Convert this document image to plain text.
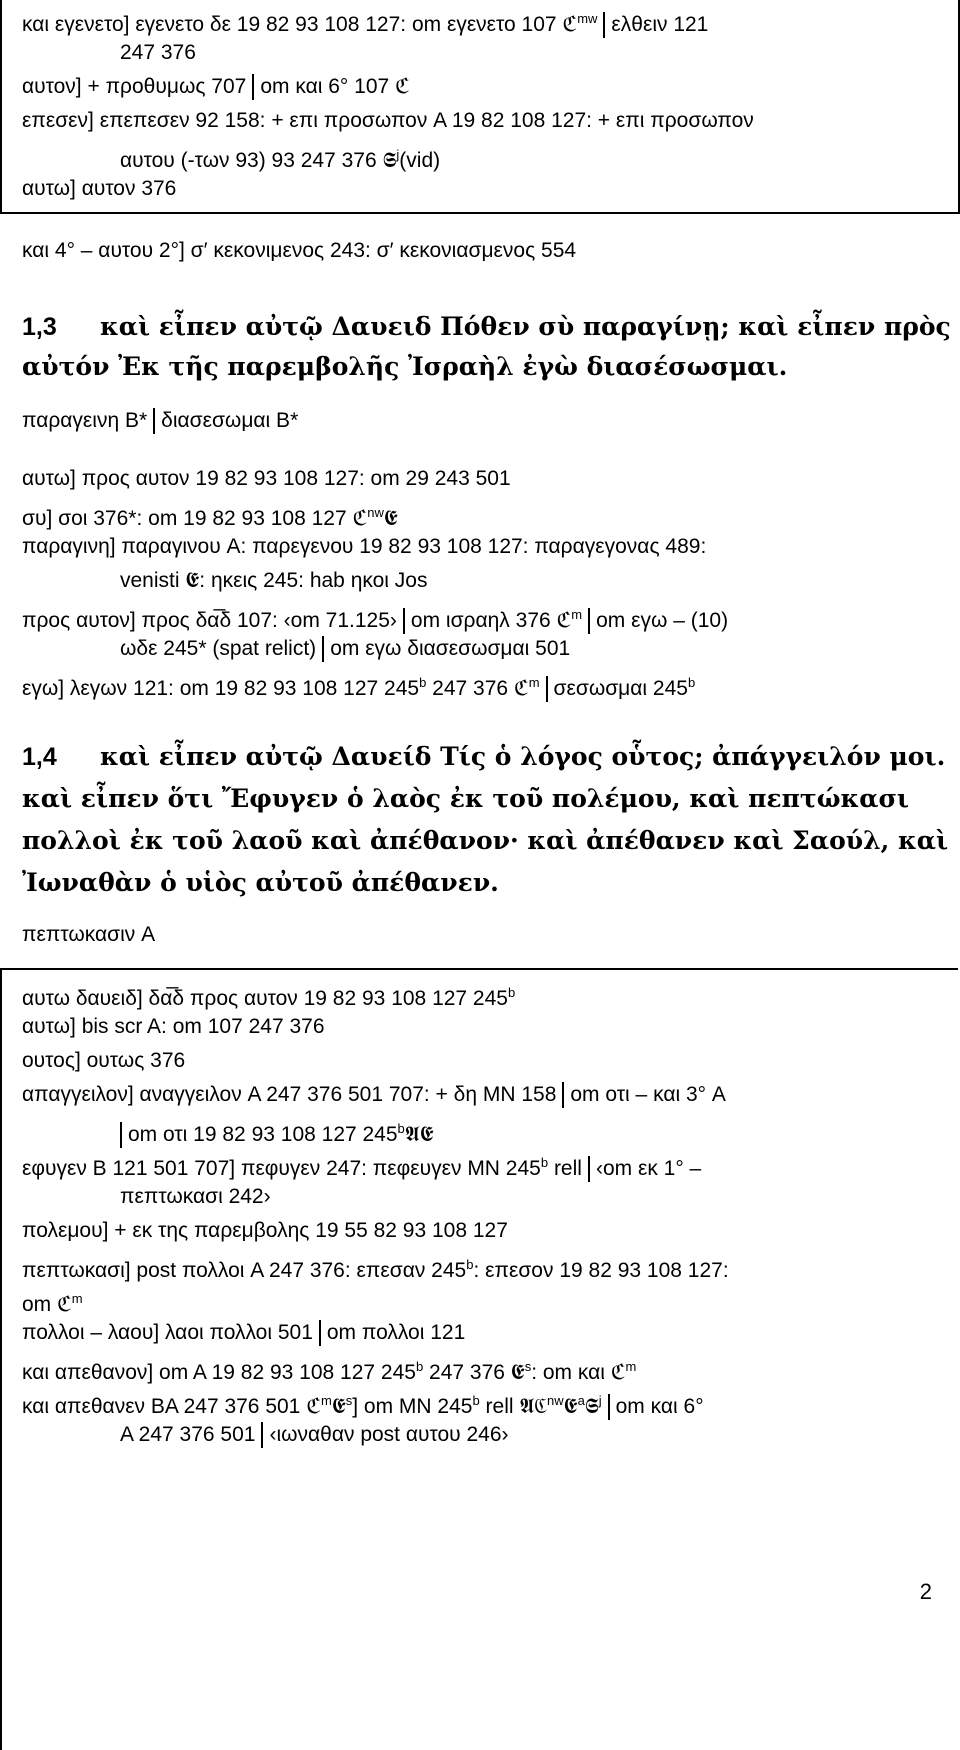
και εγενετο] εγενετο δε 19 82 93 108 127: om εγενετο 107 ℭ$^{mw}$ ελθειν 121
247 376
αυτον] + προθυμως 707 om και 6° 107 ℭ
επεσεν] επεπεσεν 92 158: + επι προσωπον A 19 82 108 127: + επι προσωπον
αυτου (-των 93) 93 247 376 𝕾$^j$(vid)
αυτω] αυτον 376
και 4° – αυτου 2°] σ′ κεκονιμενος 243: σ′ κεκονιασμενος 554
1,3 καὶ εἶπεν αὐτῷ Δαυειδ Πόθεν σὺ παραγίνῃ; καὶ εἶπεν πρὸς
αὐτόν Ἐκ τῆς παρεμβολῆς Ἰσραὴλ ἐγὼ διασέσωσμαι.
παραγεινη B* διασεσωμαι B*
αυτω] προς αυτον 19 82 93 108 127: om 29 243 501
συ] σοι 376*: om 19 82 93 108 127 ℭ$^{nw}$𝕰
παραγινη] παραγινου A: παρεγενου 19 82 93 108 127: παραγεγονας 489:
venisti 𝕰: ηκεις 245: hab ηκοι Jos
προς αυτον] προς δα̅δ 107: ‹om 71.125› om ισραηλ 376 ℭ$^m$ om εγω – (10)
ωδε 245* (spat relict) om εγω διασεσωσμαι 501
εγω] λεγων 121: om 19 82 93 108 127 245$^b$ 247 376 ℭ$^m$ σεσωσμαι 245$^b$
1,4 καὶ εἶπεν αὐτῷ Δαυείδ Τίς ὁ λόγος οὗτος; ἀπάγγειλόν μοι.
καὶ εἶπεν ὅτι Ἔφυγεν ὁ λαὸς ἐκ τοῦ πολέμου, καὶ πεπτώκασι
πολλοὶ ἐκ τοῦ λαοῦ καὶ ἀπέθανον· καὶ ἀπέθανεν καὶ Σαούλ, καὶ
Ἰωναθὰν ὁ υἱὸς αὐτοῦ ἀπέθανεν.
πεπτωκασιν A
αυτω δαυειδ] δα̅δ προς αυτον 19 82 93 108 127 245$^b$
αυτω] bis scr A: om 107 247 376
ουτος] ουτως 376
απαγγειλον] αναγγειλον A 247 376 501 707: + δη MN 158 om οτι – και 3° A
om οτι 19 82 93 108 127 245$^b$𝕬𝕰
εφυγεν B 121 501 707] πεφυγεν 247: πεφευγεν MN 245$^b$ rell ‹om εκ 1° –
πεπτωκασι 242›
πολεμου] + εκ της παρεμβολης 19 55 82 93 108 127
πεπτωκασι] post πολλοι A 247 376: επεσαν 245$^b$: επεσον 19 82 93 108 127:
om ℭ$^m$
πολλοι – λαου] λαοι πολλοι 501 om πολλοι 121
και απεθανον] om A 19 82 93 108 127 245$^b$ 247 376 𝕰$^s$: om και ℭ$^m$
και απεθανεν BA 247 376 501 ℭ$^m$𝕰$^s$] om MN 245$^b$ rell 𝕬ℭ$^{nw}$𝕰$^a$𝕾$^j$ om και 6°
A 247 376 501 ‹ιωναθαν post αυτου 246›
2
